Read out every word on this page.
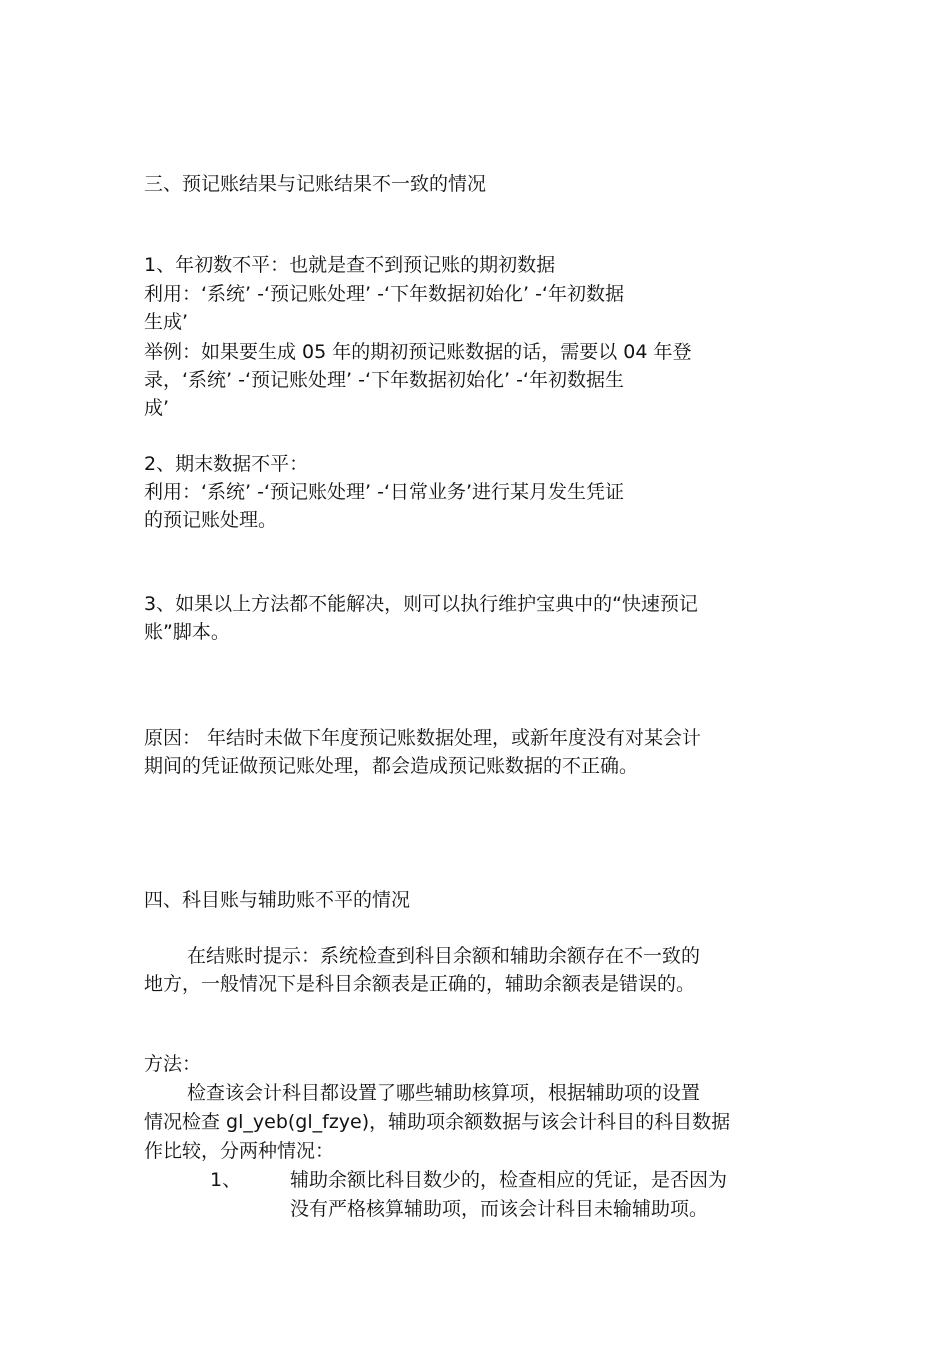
三、预记账结果与记账结果不一致的情况
1、年初数不平：也就是查不到预记账的期初数据
利用：‘系统’ -‘预记账处理’ -‘下年数据初始化’ -‘年初数据
生成’
举例：如果要生成 05 年的期初预记账数据的话，需要以 04 年登
录，‘系统’ -‘预记账处理’ -‘下年数据初始化’ -‘年初数据生
成’
2、期末数据不平：
利用：‘系统’ -‘预记账处理’ -‘日常业务’进行某月发生凭证
的预记账处理。
3、如果以上方法都不能解决，则可以执行维护宝典中的“快速预记
账”脚本。
原因： 年结时未做下年度预记账数据处理，或新年度没有对某会计
期间的凭证做预记账处理，都会造成预记账数据的不正确。
四、科目账与辅助账不平的情况
在结账时提示：系统检查到科目余额和辅助余额存在不一致的
地方，一般情况下是科目余额表是正确的，辅助余额表是错误的。
方法：
检查该会计科目都设置了哪些辅助核算项，根据辅助项的设置
情况检查 gl_yeb(gl_fzye)，辅助项余额数据与该会计科目的科目数据
作比较，分两种情况：
1、	辅助余额比科目数少的，检查相应的凭证，是否因为
没有严格核算辅助项，而该会计科目未输辅助项。
